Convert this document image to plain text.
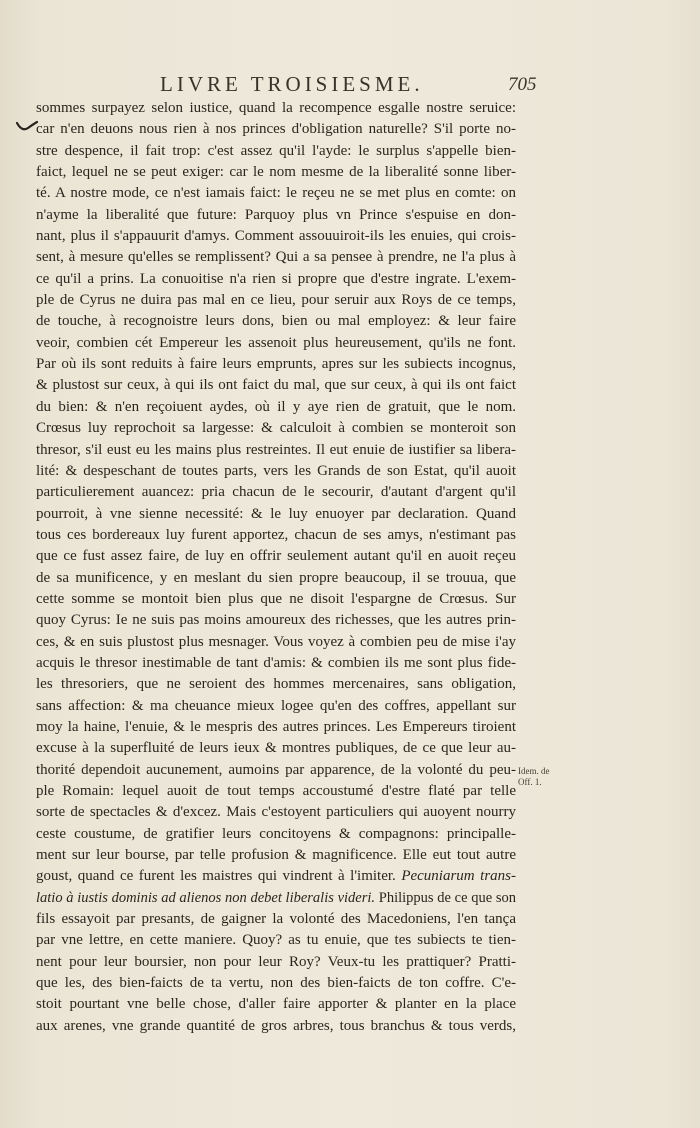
LIVRE TROISIESME.	705
sommes surpayez selon iustice, quand la recompence esgalle nostre seruice:
car n'en deuons nous rien à nos princes d'obligation naturelle? S'il porte no-
stre despence, il fait trop: c'est assez qu'il l'ayde: le surplus s'appelle bien-
faict, lequel ne se peut exiger: car le nom mesme de la liberalité sonne liber-
té. A nostre mode, ce n'est iamais faict: le reçeu ne se met plus en comte: on
n'ayme la liberalité que future: Parquoy plus vn Prince s'espuise en don-
nant, plus il s'appauurit d'amys. Comment assouuiroit-ils les enuies, qui crois-
sent, à mesure qu'elles se remplissent? Qui a sa pensee à prendre, ne l'a plus à
ce qu'il a prins. La conuoitise n'a rien si propre que d'estre ingrate. L'exem-
ple de Cyrus ne duira pas mal en ce lieu, pour seruir aux Roys de ce temps,
de touche, à recognoistre leurs dons, bien ou mal employez: & leur faire
veoir, combien cét Empereur les assenoit plus heureusement, qu'ils ne font.
Par où ils sont reduits à faire leurs emprunts, apres sur les subiects incognus,
& plustost sur ceux, à qui ils ont faict du mal, que sur ceux, à qui ils ont faict
du bien: & n'en reçoiuent aydes, où il y aye rien de gratuit, que le nom.
Crœsus luy reprochoit sa largesse: & calculoit à combien se monteroit son
thresor, s'il eust eu les mains plus restreintes. Il eut enuie de iustifier sa libera-
lité: & despeschant de toutes parts, vers les Grands de son Estat, qu'il auoit
particulierement auancez: pria chacun de le secourir, d'autant d'argent qu'il
pourroit, à vne sienne necessité: & le luy enuoyer par declaration. Quand
tous ces bordereaux luy furent apportez, chacun de ses amys, n'estimant pas
que ce fust assez faire, de luy en offrir seulement autant qu'il en auoit reçeu
de sa munificence, y en meslant du sien propre beaucoup, il se trouua, que
cette somme se montoit bien plus que ne disoit l'espargne de Crœsus. Sur
quoy Cyrus: Ie ne suis pas moins amoureux des richesses, que les autres prin-
ces, & en suis plustost plus mesnager. Vous voyez à combien peu de mise i'ay
acquis le thresor inestimable de tant d'amis: & combien ils me sont plus fide-
les thresoriers, que ne seroient des hommes mercenaires, sans obligation,
sans affection: & ma cheuance mieux logee qu'en des coffres, appellant sur
moy la haine, l'enuie, & le mespris des autres princes. Les Empereurs tiroient
excuse à la superfluité de leurs ieux & montres publiques, de ce que leur au-
thorité dependoit aucunement, aumoins par apparence, de la volonté du peu-
ple Romain: lequel auoit de tout temps accoustumé d'estre flaté par telle
sorte de spectacles & d'excez. Mais c'estoyent particuliers qui auoyent nourry
ceste coustume, de gratifier leurs concitoyens & compagnons: principalle-
ment sur leur bourse, par telle profusion & magnificence. Elle eut tout autre
goust, quand ce furent les maistres qui vindrent à l'imiter. Pecuniarum trans-
latio à iustis dominis ad alienos non debet liberalis videri. Philippus de ce que son
fils essayoit par presants, de gaigner la volonté des Macedoniens, l'en tança
par vne lettre, en cette maniere. Quoy? as tu enuie, que tes subiects te tien-
nent pour leur boursier, non pour leur Roy? Veux-tu les prattiquer? Pratti-
que les, des bien-faicts de ta vertu, non des bien-faicts de ton coffre. C'e-
stoit pourtant vne belle chose, d'aller faire apporter & planter en la place
aux arenes, vne grande quantité de gros arbres, tous branchus & tous verds,
Idem. de
Off. 1.
